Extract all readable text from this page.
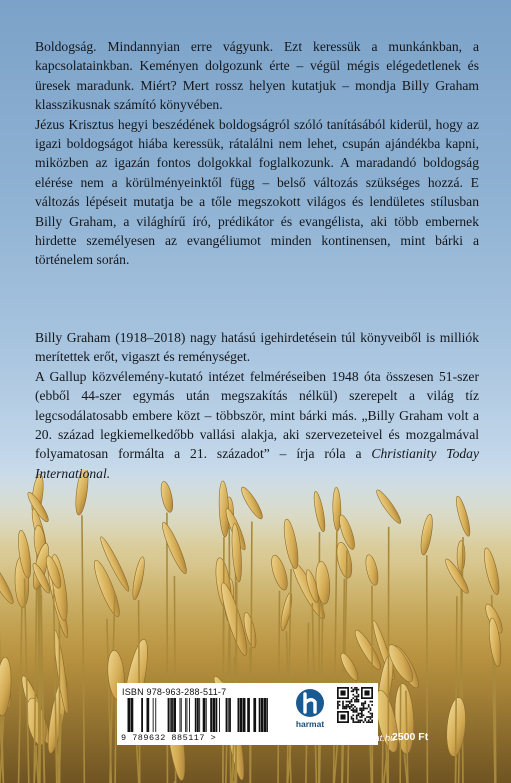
Boldogság. Mindannyian erre vágyunk. Ezt keressük a munkánkban, a kapcsolatainkban. Keményen dolgozunk érte – végül mégis elégedetlenek és üresek maradunk. Miért? Mert rossz helyen kutatjuk – mondja Billy Graham klasszikusnak számító könyvében.

Jézus Krisztus hegyi beszédének boldogságról szóló tanításából kiderül, hogy az igazi boldogságot hiába keressük, rátalálni nem lehet, csupán ajándékba kapni, miközben az igazán fontos dolgokkal foglalkozunk. A maradandó boldogság elérése nem a körülményeinktől függ – belső változás szükséges hozzá. E változás lépéseit mutatja be a tőle megszokott világos és lendületes stílusban Billy Graham, a világhírű író, prédikátor és evangélista, aki több embernek hirdette személyesen az evangéliumot minden kontinensen, mint bárki a történelem során.

Billy Graham (1918–2018) nagy hatású igehirdetésein túl könyveiből is milliók merítettek erőt, vigaszt és reménységet.

A Gallup közvélemény-kutató intézet felméréseiben 1948 óta összesen 51-szer (ebből 44-szer egymás után megszakítás nélkül) szerepelt a világ tíz legcsodálatosabb embere közt – többször, mint bárki más. „Billy Graham volt a 20. század legkiemelkedőbb vallási alakja, aki szervezeteivel és mozgalmával folyamatosan formálta a 21. századot” – írja róla a Christianity Today International.

ISBN 978-963-288-511-7
9 789632 885117 >
harmat
www.harmat.hu
2500 Ft
